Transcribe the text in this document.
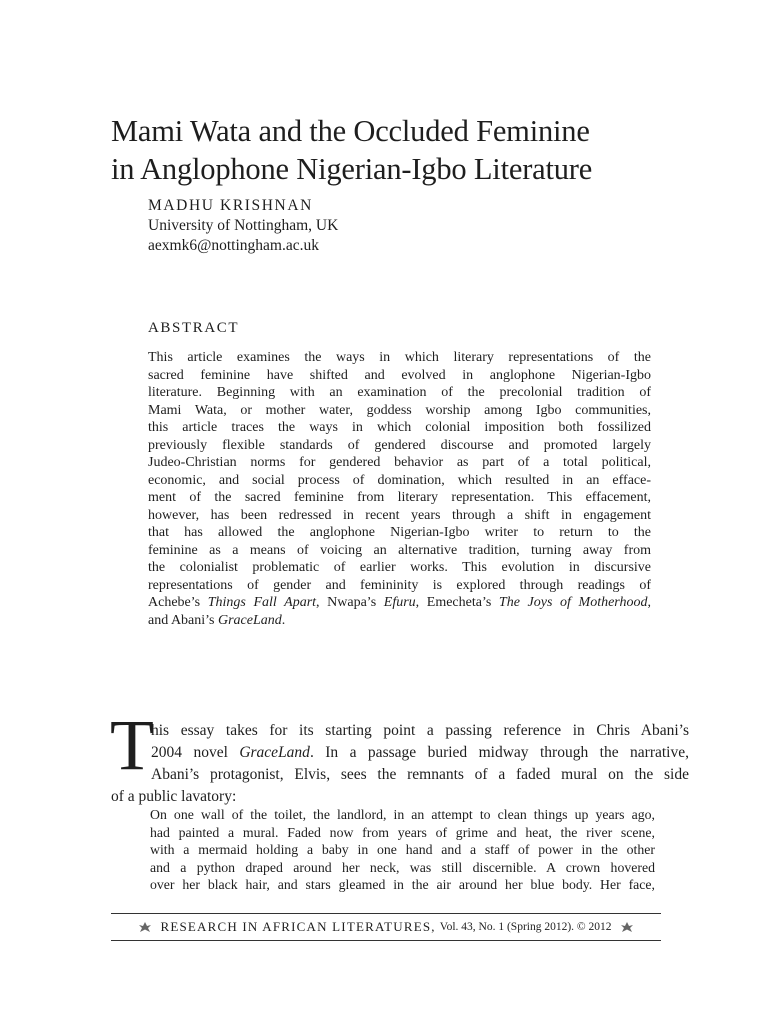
Mami Wata and the Occluded Feminine
in Anglophone Nigerian-Igbo Literature
MADHU KRISHNAN
University of Nottingham, UK
aexmk6@nottingham.ac.uk
ABSTRACT
This article examines the ways in which literary representations of the
sacred feminine have shifted and evolved in anglophone Nigerian-Igbo
literature. Beginning with an examination of the precolonial tradition of
Mami Wata, or mother water, goddess worship among Igbo communities,
this article traces the ways in which colonial imposition both fossilized
previously flexible standards of gendered discourse and promoted largely
Judeo-Christian norms for gendered behavior as part of a total political,
economic, and social process of domination, which resulted in an efface-
ment of the sacred feminine from literary representation. This effacement,
however, has been redressed in recent years through a shift in engagement
that has allowed the anglophone Nigerian-Igbo writer to return to the
feminine as a means of voicing an alternative tradition, turning away from
the colonialist problematic of earlier works. This evolution in discursive
representations of gender and femininity is explored through readings of
Achebe’s Things Fall Apart, Nwapa’s Efuru, Emecheta’s The Joys of Motherhood,
and Abani’s GraceLand.
T
his essay takes for its starting point a passing reference in Chris Abani’s
2004 novel GraceLand. In a passage buried midway through the narrative,
Abani’s protagonist, Elvis, sees the remnants of a faded mural on the side
of a public lavatory:
On one wall of the toilet, the landlord, in an attempt to clean things up years ago,
had painted a mural. Faded now from years of grime and heat, the river scene,
with a mermaid holding a baby in one hand and a staff of power in the other
and a python draped around her neck, was still discernible. A crown hovered
over her black hair, and stars gleamed in the air around her blue body. Her face,
RESEARCH IN AFRICAN LITERATURES, Vol. 43, No. 1 (Spring 2012). © 2012
